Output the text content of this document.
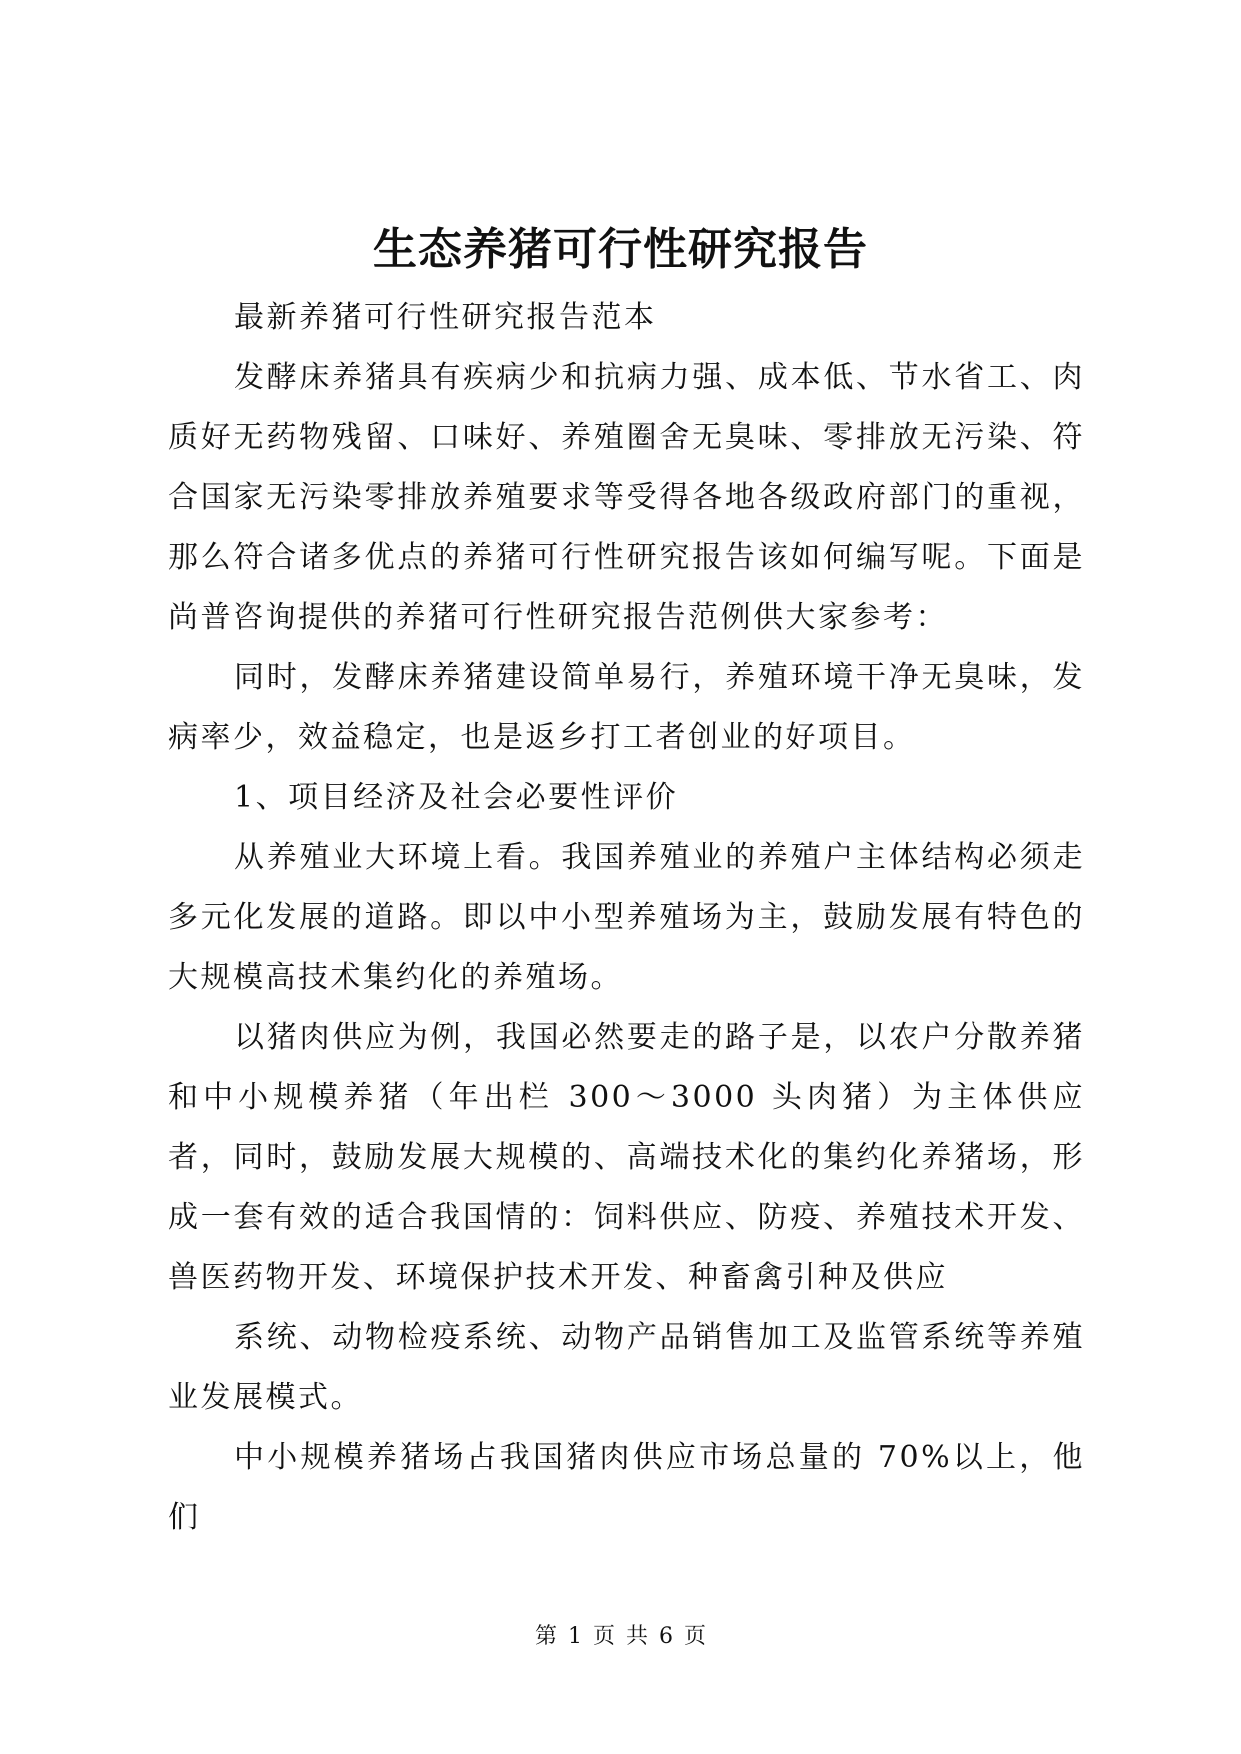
生态养猪可行性研究报告

最新养猪可行性研究报告范本

发酵床养猪具有疾病少和抗病力强、成本低、节水省工、肉质好无药物残留、口味好、养殖圈舍无臭味、零排放无污染、符合国家无污染零排放养殖要求等受得各地各级政府部门的重视，那么符合诸多优点的养猪可行性研究报告该如何编写呢。下面是尚普咨询提供的养猪可行性研究报告范例供大家参考：

同时，发酵床养猪建设简单易行，养殖环境干净无臭味，发病率少，效益稳定，也是返乡打工者创业的好项目。

1、项目经济及社会必要性评价

从养殖业大环境上看。我国养殖业的养殖户主体结构必须走多元化发展的道路。即以中小型养殖场为主，鼓励发展有特色的大规模高技术集约化的养殖场。

以猪肉供应为例，我国必然要走的路子是，以农户分散养猪和中小规模养猪（年出栏 300～3000 头肉猪）为主体供应者，同时，鼓励发展大规模的、高端技术化的集约化养猪场，形成一套有效的适合我国情的：饲料供应、防疫、养殖技术开发、兽医药物开发、环境保护技术开发、种畜禽引种及供应

系统、动物检疫系统、动物产品销售加工及监管系统等养殖业发展模式。

中小规模养猪场占我国猪肉供应市场总量的 70%以上，他们

第 1 页 共 6 页
